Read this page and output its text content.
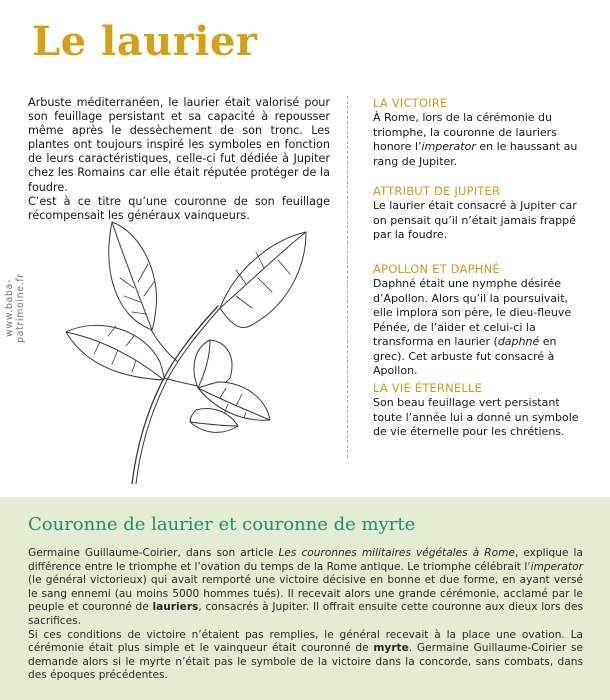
Le laurier

Arbuste méditerranéen, le laurier était valorisé pour son feuillage persistant et sa capacité à repousser même après le dessèchement de son tronc. Les plantes ont toujours inspiré les symboles en fonction de leurs caractéristiques, celle-ci fut dédiée à Jupiter chez les Romains car elle était réputée protéger de la foudre.

C’est à ce titre qu’une couronne de son feuillage récompensait les généraux vainqueurs.

www.baba-patrimoine.fr
LA VICTOIRE

À Rome, lors de la cérémonie du triomphe, la couronne de lauriers honore l’imperator en le haussant au rang de Jupiter.

ATTRIBUT DE JUPITER

Le laurier était consacré à Jupiter car on pensait qu’il n’était jamais frappé par la foudre.

APOLLON ET DAPHNÉ

Daphné était une nymphe désirée d’Apollon. Alors qu’il la poursuivait, elle implora son père, le dieu-fleuve Pénée, de l’aider et celui-ci la transforma en laurier (daphné en grec). Cet arbuste fut consacré à Apollon.

LA VIE ÉTERNELLE

Son beau feuillage vert persistant toute l’année lui a donné un symbole de vie éternelle pour les chrétiens.

Couronne de laurier et couronne de myrte

Germaine Guillaume-Coirier, dans son article Les couronnes militaires végétales à Rome, explique la différence entre le triomphe et l’ovation du temps de la Rome antique. Le triomphe célébrait l’imperator (le général victorieux) qui avait remporté une victoire décisive en bonne et due forme, en ayant versé le sang ennemi (au moins 5000 hommes tués). Il recevait alors une grande cérémonie, acclamé par le peuple et couronné de lauriers, consacrés à Jupiter. Il offrait ensuite cette couronne aux dieux lors des sacrifices.

Si ces conditions de victoire n’étaient pas remplies, le général recevait à la place une ovation. La cérémonie était plus simple et le vainqueur était couronné de myrte. Germaine Guillaume-Coirier se demande alors si le myrte n’était pas le symbole de la victoire dans la concorde, sans combats, dans des époques précédentes.
